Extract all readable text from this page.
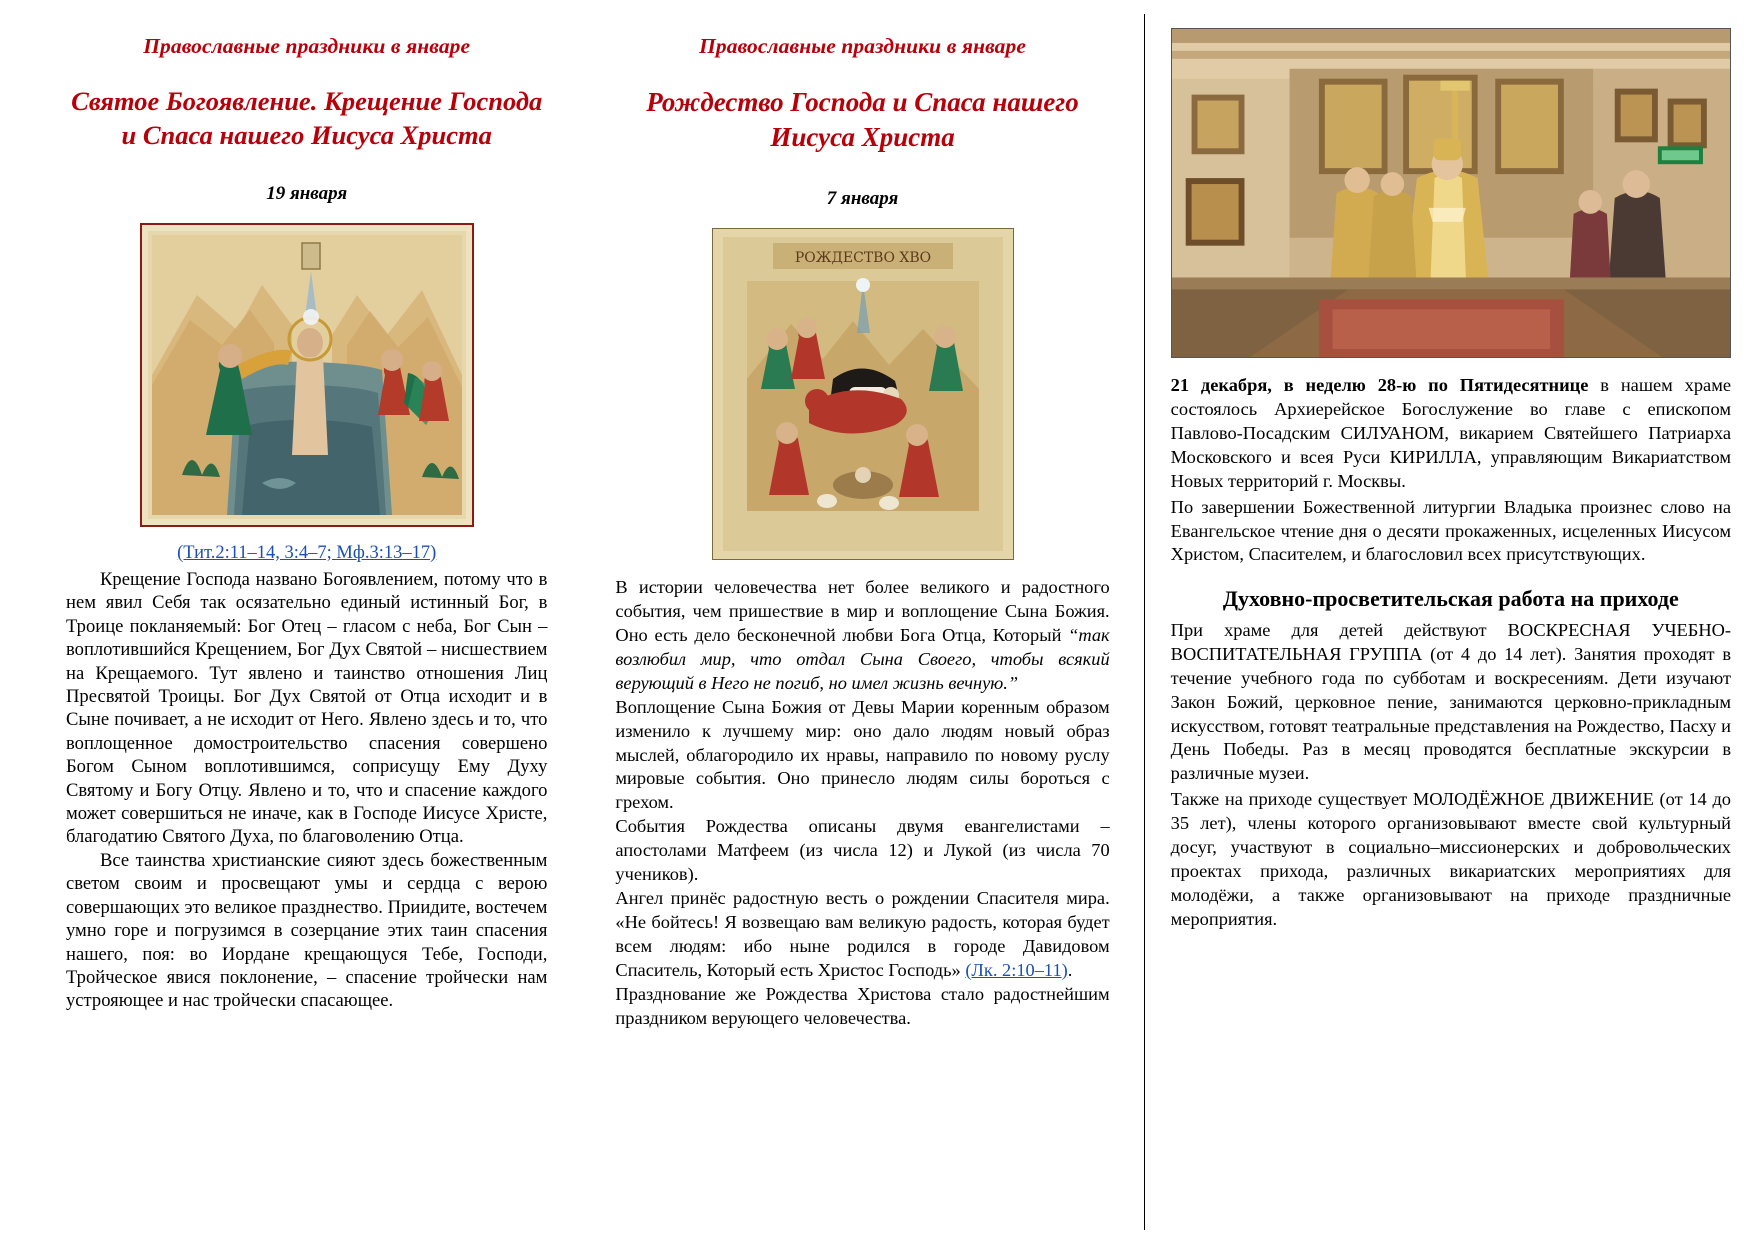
Православные праздники в январе
Святое Богоявление. Крещение Господа и Спаса нашего Иисуса Христа
19 января
(Тит.2:11–14, 3:4–7; Мф.3:13–17)

Крещение Господа названо Богоявлением, потому что в нем явил Себя так осязательно единый истинный Бог, в Троице покланяемый: Бог Отец – гласом с неба, Бог Сын – воплотившийся Крещением, Бог Дух Святой – нисшествием на Крещаемого. Тут явлено и таинство отношения Лиц Пресвятой Троицы. Бог Дух Святой от Отца исходит и в Сыне почивает, а не исходит от Него. Явлено здесь и то, что воплощенное домостроительство спасения совершено Богом Сыном воплотившимся, соприсущу Ему Духу Святому и Богу Отцу. Явлено и то, что и спасение каждого может совершиться не иначе, как в Господе Иисусе Христе, благодатию Святого Духа, по благоволению Отца.

Все таинства христианские сияют здесь божественным светом своим и просвещают умы и сердца с верою совершающих это великое празднество. Приидите, востечем умно горе и погрузимся в созерцание этих таин спасения нашего, поя: во Иордане крещающуся Тебе, Господи, Тройческое явися поклонение, – спасение тройчески нам устрояющее и нас тройчески спасающее.

Православные праздники в январе
Рождество Господа и Спаса нашего Иисуса Христа
7 января
РОЖДЕСТВО ХВО

В истории человечества нет более великого и радостного события, чем пришествие в мир и воплощение Сына Божия. Оно есть дело бесконечной любви Бога Отца, Который “так возлюбил мир, что отдал Сына Своего, чтобы всякий верующий в Него не погиб, но имел жизнь вечную.”

Воплощение Сына Божия от Девы Марии коренным образом изменило к лучшему мир: оно дало людям новый образ мыслей, облагородило их нравы, направило по новому руслу мировые события. Оно принесло людям силы бороться с грехом.

События Рождества описаны двумя евангелистами – апостолами Матфеем (из числа 12) и Лукой (из числа 70 учеников).

Ангел принёс радостную весть о рождении Спасителя мира. «Не бойтесь! Я возвещаю вам великую радость, которая будет всем людям: ибо ныне родился в городе Давидовом Спаситель, Который есть Христос Господь» (Лк. 2:10–11).

Празднование же Рождества Христова стало радостнейшим праздником верующего человечества.

21 декабря, в неделю 28-ю по Пятидесятнице в нашем храме состоялось Архиерейское Богослужение во главе с епископом Павлово-Посадским СИЛУАНОМ, викарием Святейшего Патриарха Московского и всея Руси КИРИЛЛА, управляющим Викариатством Новых территорий г. Москвы.

По завершении Божественной литургии Владыка произнес слово на Евангельское чтение дня о десяти прокаженных, исцеленных Иисусом Христом, Спасителем, и благословил всех присутствующих.

Духовно-просветительская работа на приходе

При храме для детей действуют ВОСКРЕСНАЯ УЧЕБНО-ВОСПИТАТЕЛЬНАЯ ГРУППА (от 4 до 14 лет). Занятия проходят в течение учебного года по субботам и воскресениям. Дети изучают Закон Божий, церковное пение, занимаются церковно-прикладным искусством, готовят театральные представления на Рождество, Пасху и День Победы. Раз в месяц проводятся бесплатные экскурсии в различные музеи.

Также на приходе существует МОЛОДЁЖНОЕ ДВИЖЕНИЕ (от 14 до 35 лет), члены которого организовывают вместе свой культурный досуг, участвуют в социально–миссионерских и добровольческих проектах прихода, различных викариатских мероприятиях для молодёжи, а также организовывают на приходе праздничные мероприятия.
